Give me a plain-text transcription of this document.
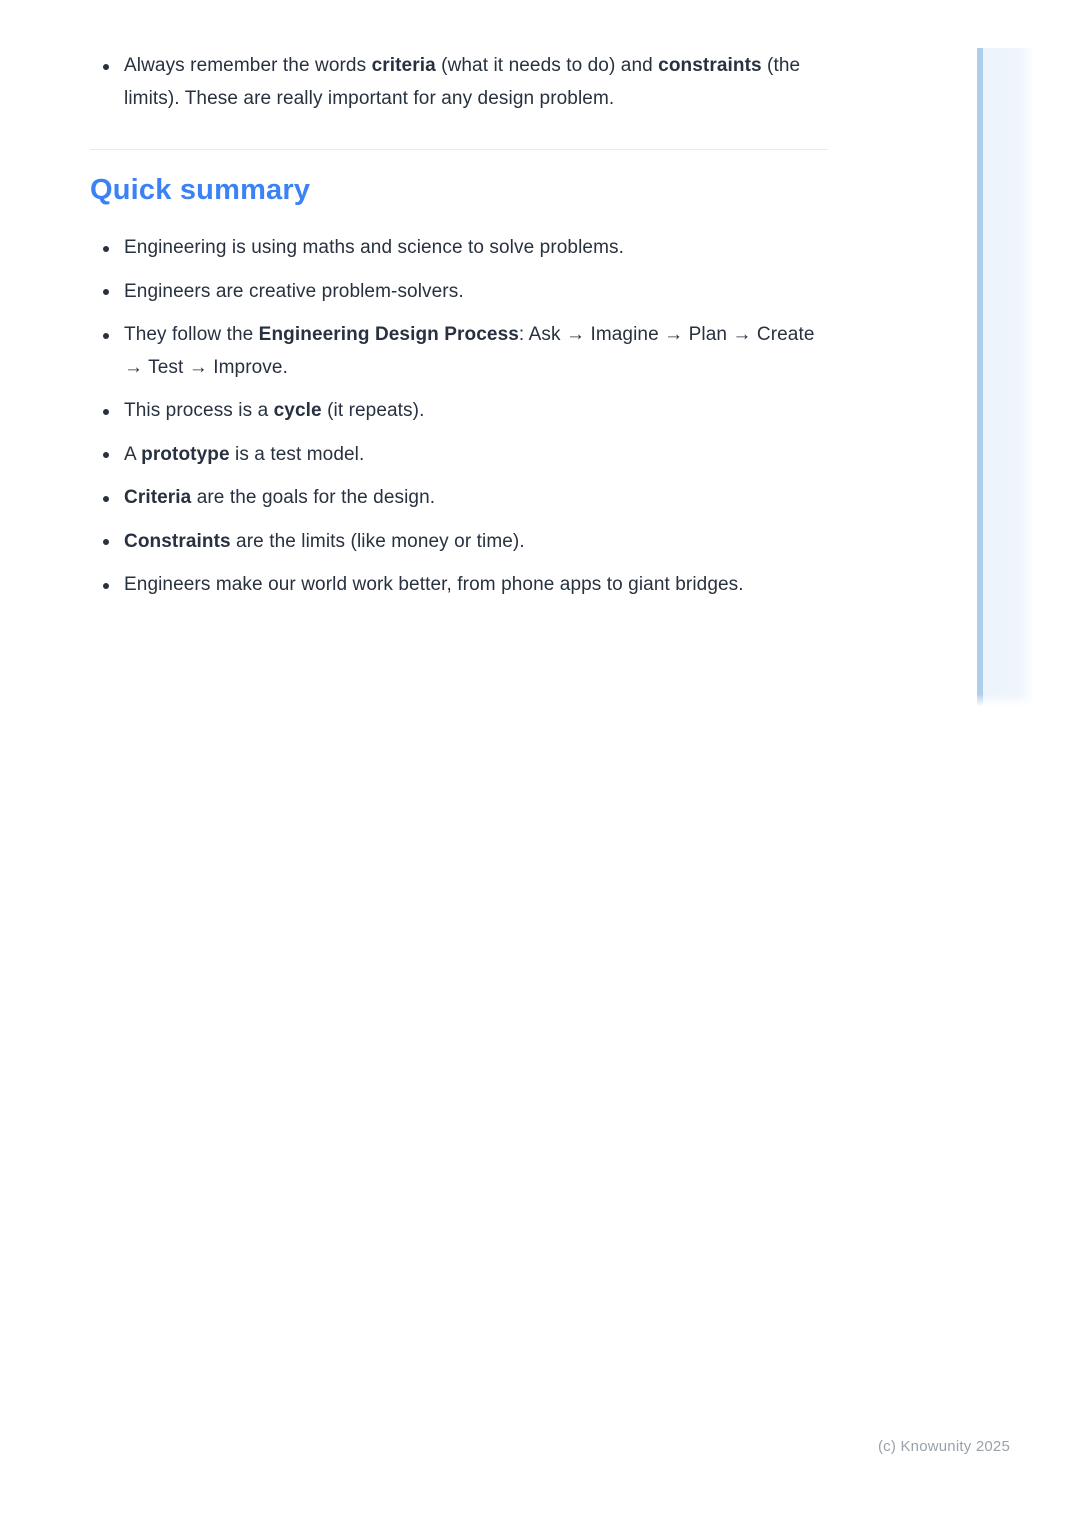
Always remember the words criteria (what it needs to do) and constraints (the limits). These are really important for any design problem.
Quick summary
Engineering is using maths and science to solve problems.
Engineers are creative problem-solvers.
They follow the Engineering Design Process: Ask → Imagine → Plan → Create → Test → Improve.
This process is a cycle (it repeats).
A prototype is a test model.
Criteria are the goals for the design.
Constraints are the limits (like money or time).
Engineers make our world work better, from phone apps to giant bridges.
(c) Knowunity 2025
